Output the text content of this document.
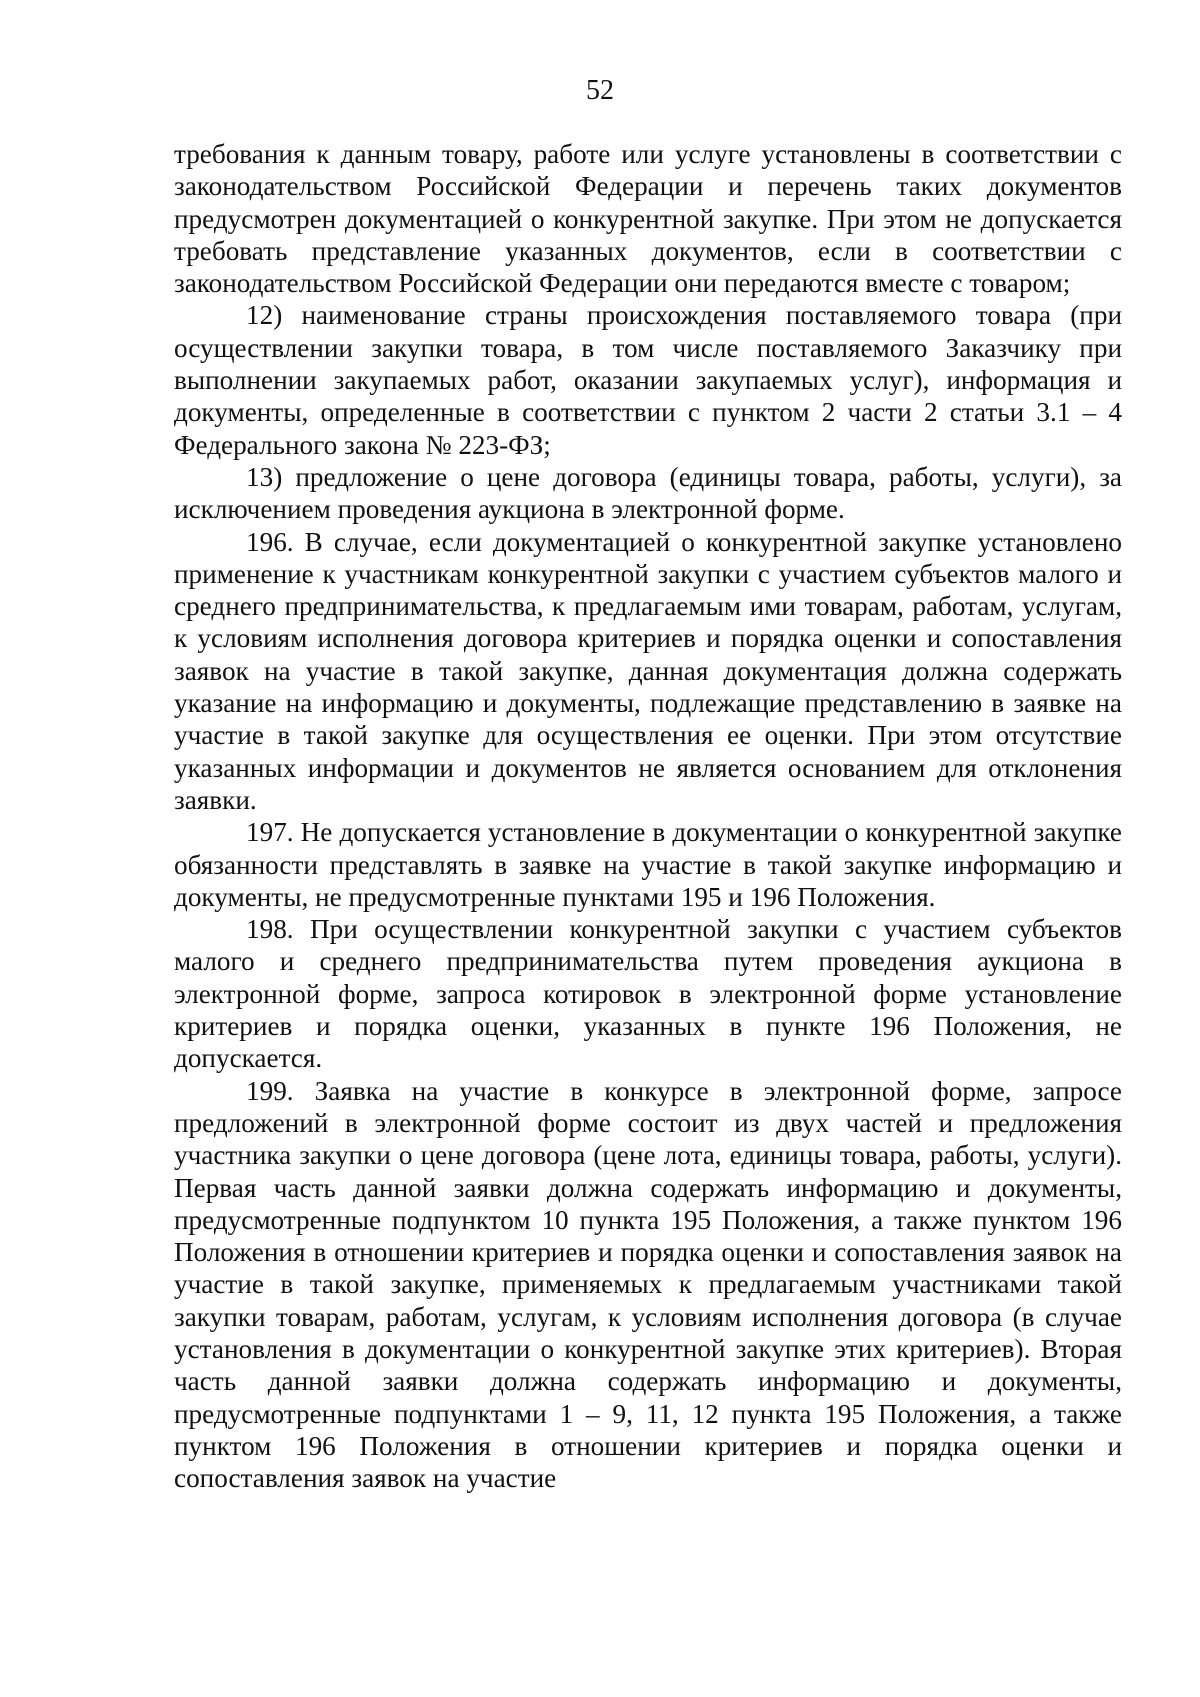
52

требования к данным товару, работе или услуге установлены в соответствии с законодательством Российской Федерации и перечень таких документов предусмотрен документацией о конкурентной закупке. При этом не допускается требовать представление указанных документов, если в соответствии с законодательством Российской Федерации они передаются вместе с товаром;

12) наименование страны происхождения поставляемого товара (при осуществлении закупки товара, в том числе поставляемого Заказчику при выполнении закупаемых работ, оказании закупаемых услуг), информация и документы, определенные в соответствии с пунктом 2 части 2 статьи 3.1 – 4 Федерального закона № 223-ФЗ;

13) предложение о цене договора (единицы товара, работы, услуги), за исключением проведения аукциона в электронной форме.

196. В случае, если документацией о конкурентной закупке установлено применение к участникам конкурентной закупки с участием субъектов малого и среднего предпринимательства, к предлагаемым ими товарам, работам, услугам, к условиям исполнения договора критериев и порядка оценки и сопоставления заявок на участие в такой закупке, данная документация должна содержать указание на информацию и документы, подлежащие представлению в заявке на участие в такой закупке для осуществления ее оценки. При этом отсутствие указанных информации и документов не является основанием для отклонения заявки.

197. Не допускается установление в документации о конкурентной закупке обязанности представлять в заявке на участие в такой закупке информацию и документы, не предусмотренные пунктами 195 и 196 Положения.

198. При осуществлении конкурентной закупки с участием субъектов малого и среднего предпринимательства путем проведения аукциона в электронной форме, запроса котировок в электронной форме установление критериев и порядка оценки, указанных в пункте 196 Положения, не допускается.

199. Заявка на участие в конкурсе в электронной форме, запросе предложений в электронной форме состоит из двух частей и предложения участника закупки о цене договора (цене лота, единицы товара, работы, услуги). Первая часть данной заявки должна содержать информацию и документы, предусмотренные подпунктом 10 пункта 195 Положения, а также пунктом 196 Положения в отношении критериев и порядка оценки и сопоставления заявок на участие в такой закупке, применяемых к предлагаемым участниками такой закупки товарам, работам, услугам, к условиям исполнения договора (в случае установления в документации о конкурентной закупке этих критериев). Вторая часть данной заявки должна содержать информацию и документы, предусмотренные подпунктами 1 – 9, 11, 12 пункта 195 Положения, а также пунктом 196 Положения в отношении критериев и порядка оценки и сопоставления заявок на участие
